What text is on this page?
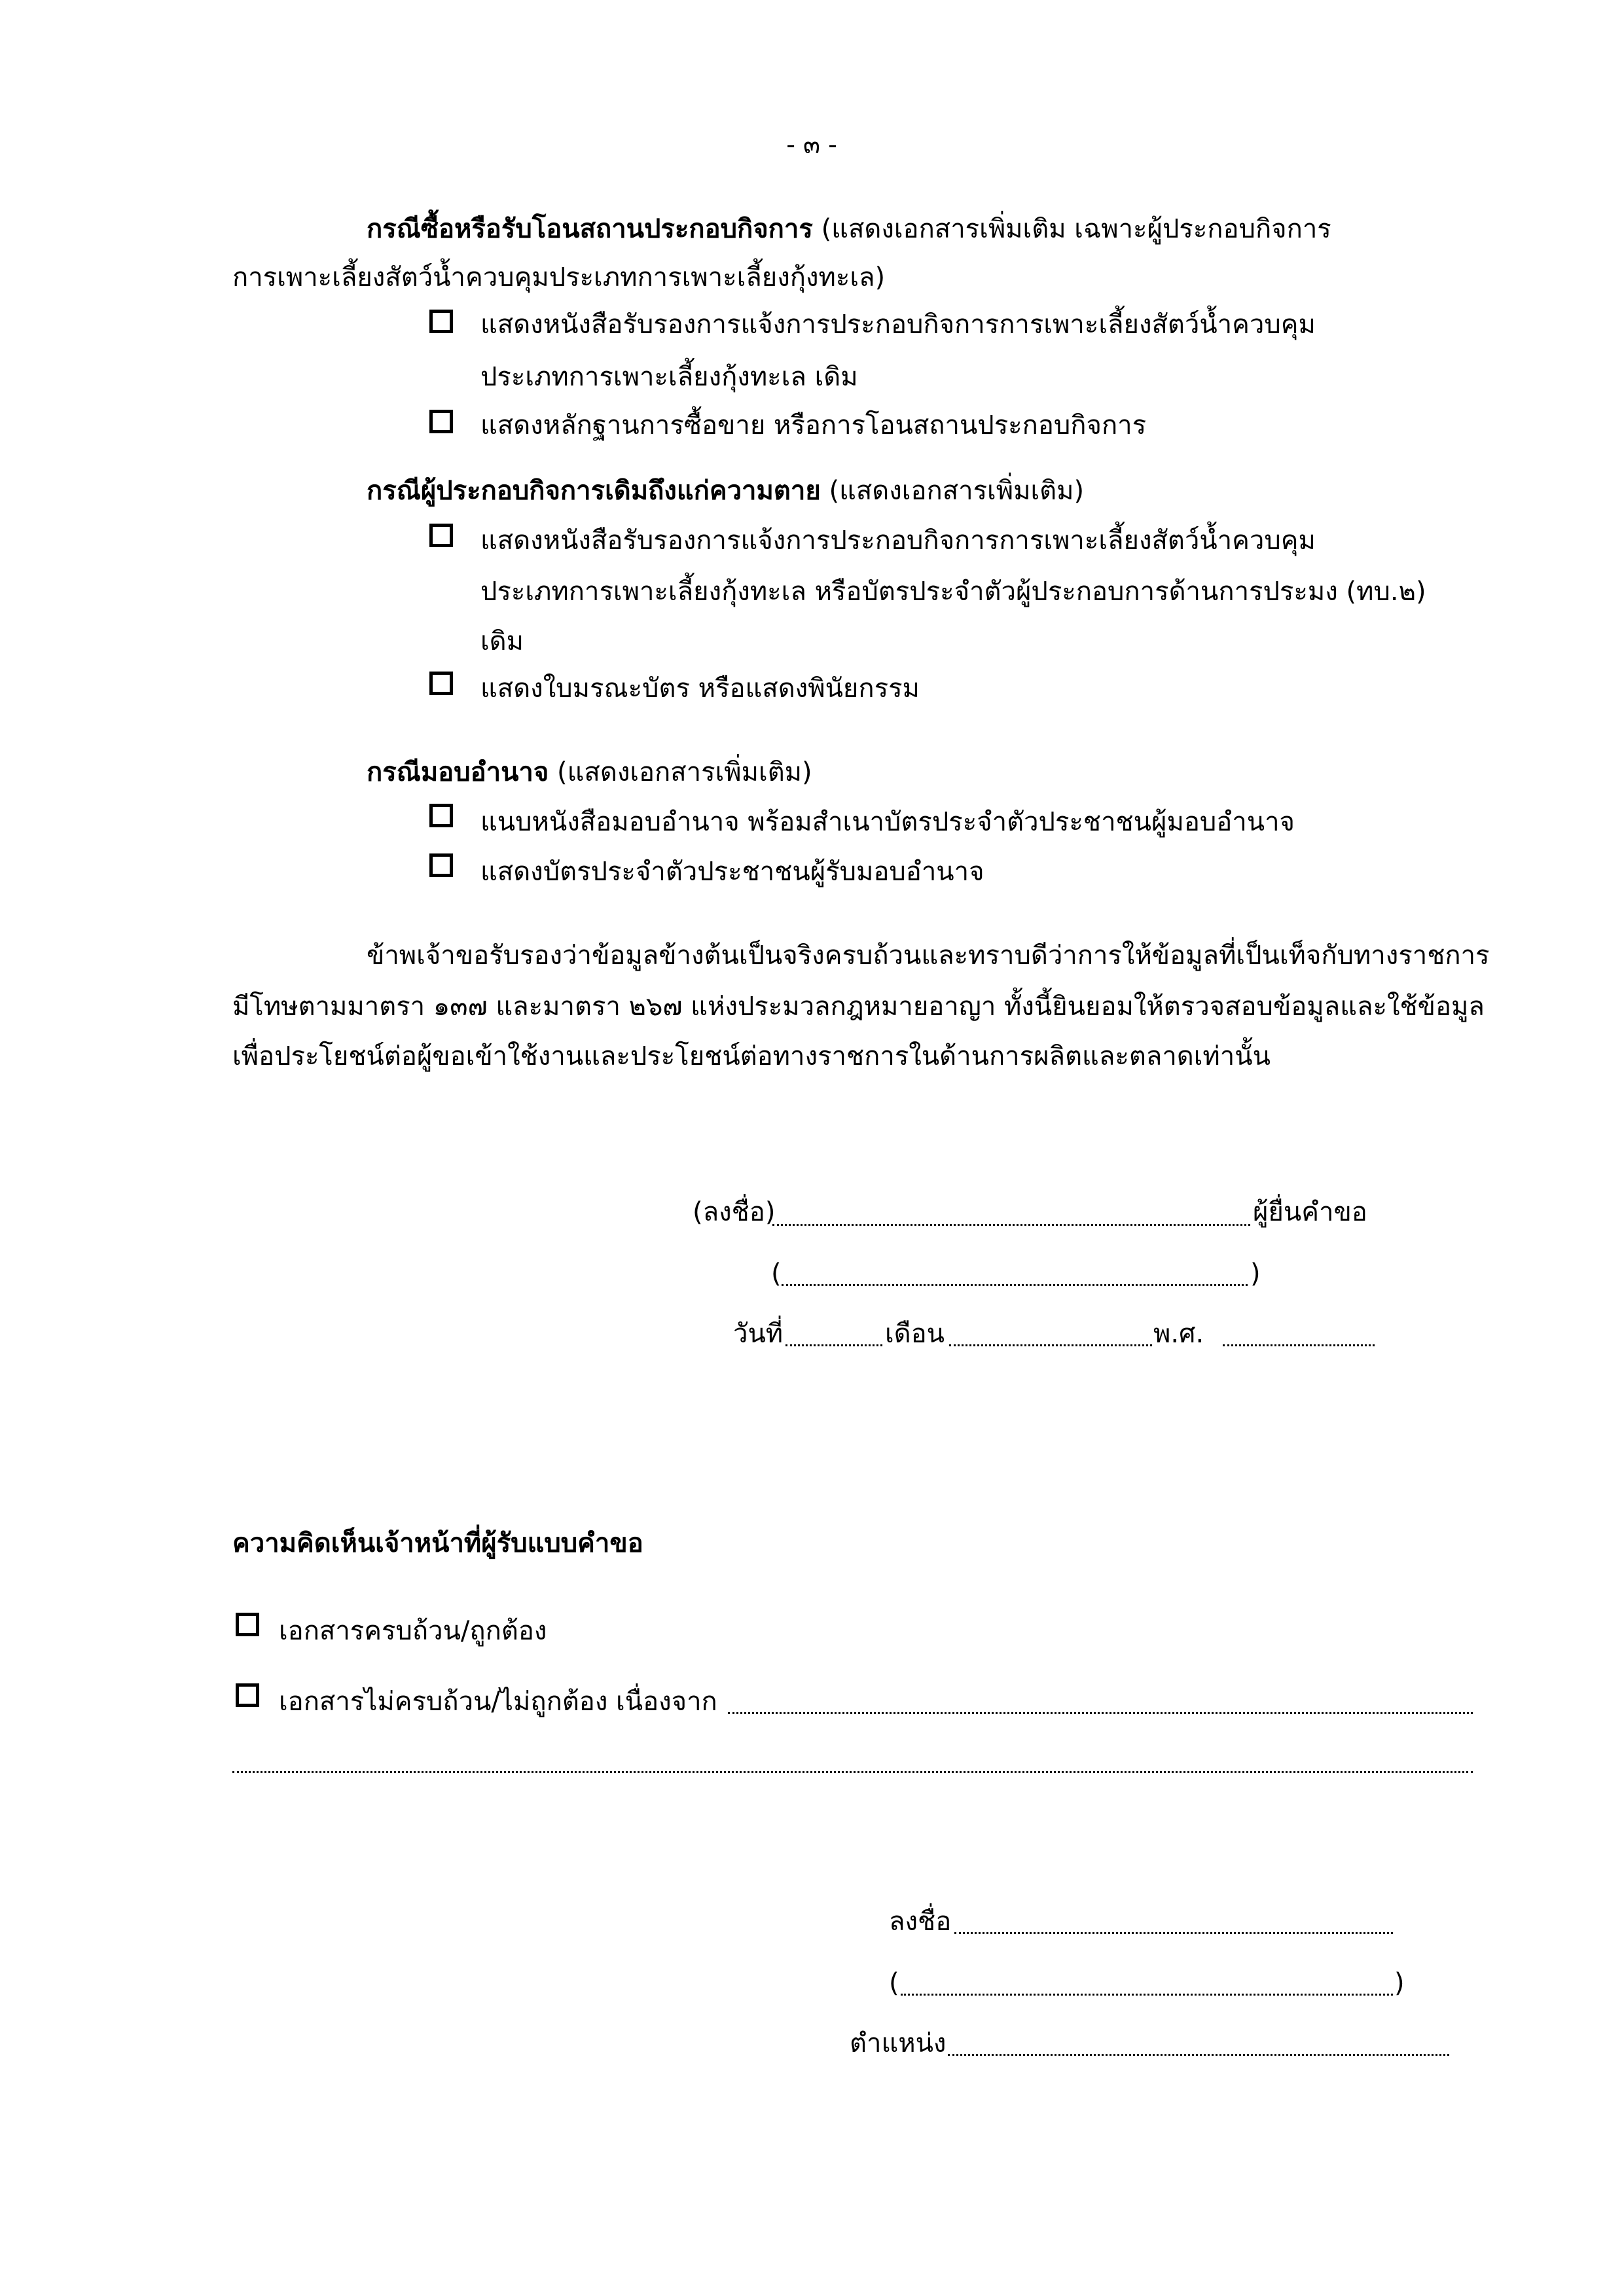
- ๓ -
กรณีซื้อหรือรับโอนสถานประกอบกิจการ (แสดงเอกสารเพิ่มเติม เฉพาะผู้ประกอบกิจการ
การเพาะเลี้ยงสัตว์น้ำควบคุมประเภทการเพาะเลี้ยงกุ้งทะเล)
แสดงหนังสือรับรองการแจ้งการประกอบกิจการการเพาะเลี้ยงสัตว์น้ำควบคุม
ประเภทการเพาะเลี้ยงกุ้งทะเล เดิม
แสดงหลักฐานการซื้อขาย หรือการโอนสถานประกอบกิจการ
กรณีผู้ประกอบกิจการเดิมถึงแก่ความตาย (แสดงเอกสารเพิ่มเติม)
แสดงหนังสือรับรองการแจ้งการประกอบกิจการการเพาะเลี้ยงสัตว์น้ำควบคุม
ประเภทการเพาะเลี้ยงกุ้งทะเล หรือบัตรประจำตัวผู้ประกอบการด้านการประมง (ทบ.๒)
เดิม
แสดงใบมรณะบัตร หรือแสดงพินัยกรรม
กรณีมอบอำนาจ (แสดงเอกสารเพิ่มเติม)
แนบหนังสือมอบอำนาจ พร้อมสำเนาบัตรประจำตัวประชาชนผู้มอบอำนาจ
แสดงบัตรประจำตัวประชาชนผู้รับมอบอำนาจ
ข้าพเจ้าขอรับรองว่าข้อมูลข้างต้นเป็นจริงครบถ้วนและทราบดีว่าการให้ข้อมูลที่เป็นเท็จกับทางราชการ
มีโทษตามมาตรา ๑๓๗ และมาตรา ๒๖๗ แห่งประมวลกฎหมายอาญา ทั้งนี้ยินยอมให้ตรวจสอบข้อมูลและใช้ข้อมูล
เพื่อประโยชน์ต่อผู้ขอเข้าใช้งานและประโยชน์ต่อทางราชการในด้านการผลิตและตลาดเท่านั้น
(ลงชื่อ)	ผู้ยื่นคำขอ
(	)
วันที่	เดือน	พ.ศ.
ความคิดเห็นเจ้าหน้าที่ผู้รับแบบคำขอ
เอกสารครบถ้วน/ถูกต้อง
เอกสารไม่ครบถ้วน/ไม่ถูกต้อง เนื่องจาก
ลงชื่อ
(	)
ตำแหน่ง
